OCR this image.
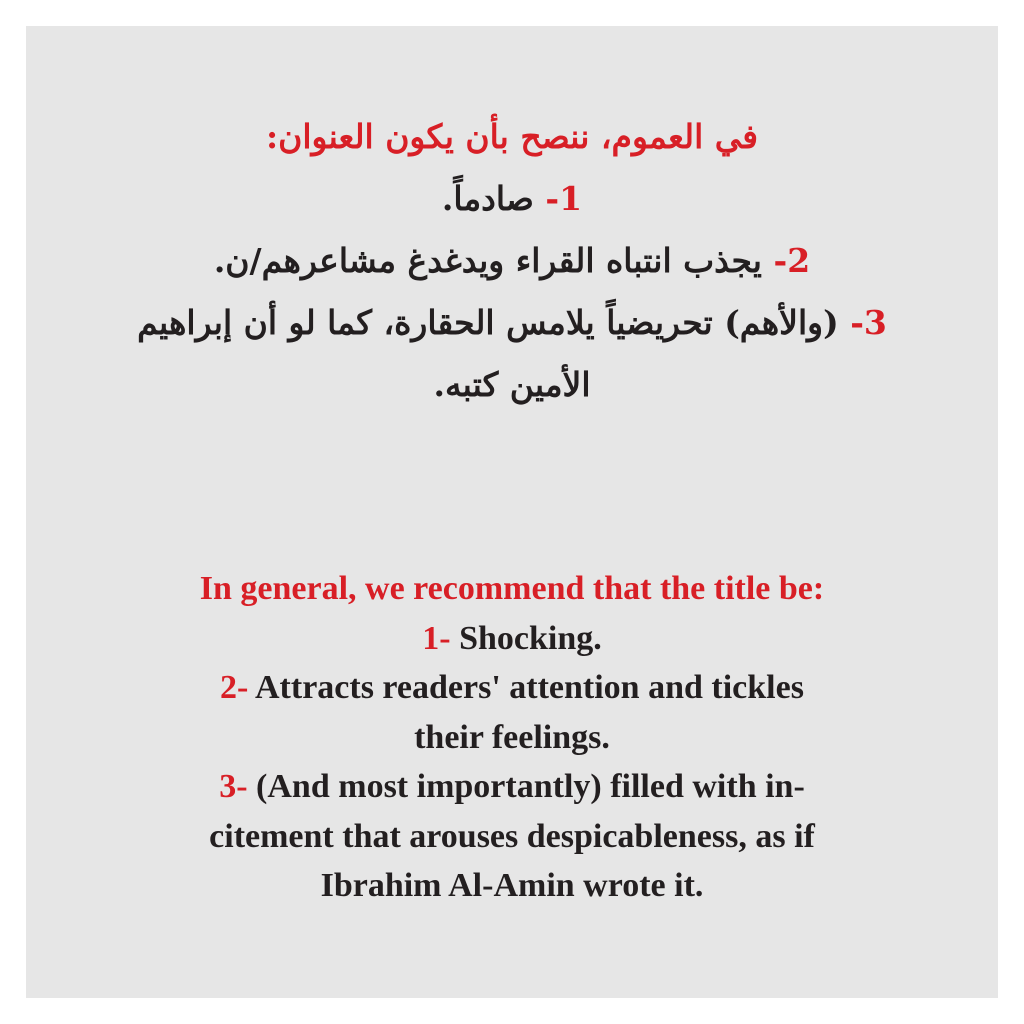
في العموم، ننصح بأن يكون العنوان:
1- صادماً.
2- يجذب انتباه القراء ويدغدغ مشاعرهم/ن.
3- (والأهم) تحريضياً يلامس الحقارة، كما لو أن إبراهيم الأمين كتبه.
In general, we recommend that the title be:
1- Shocking.
2- Attracts readers' attention and tickles
their feelings.
3- (And most importantly) filled with in-
citement that arouses despicableness, as if
Ibrahim Al-Amin wrote it.
